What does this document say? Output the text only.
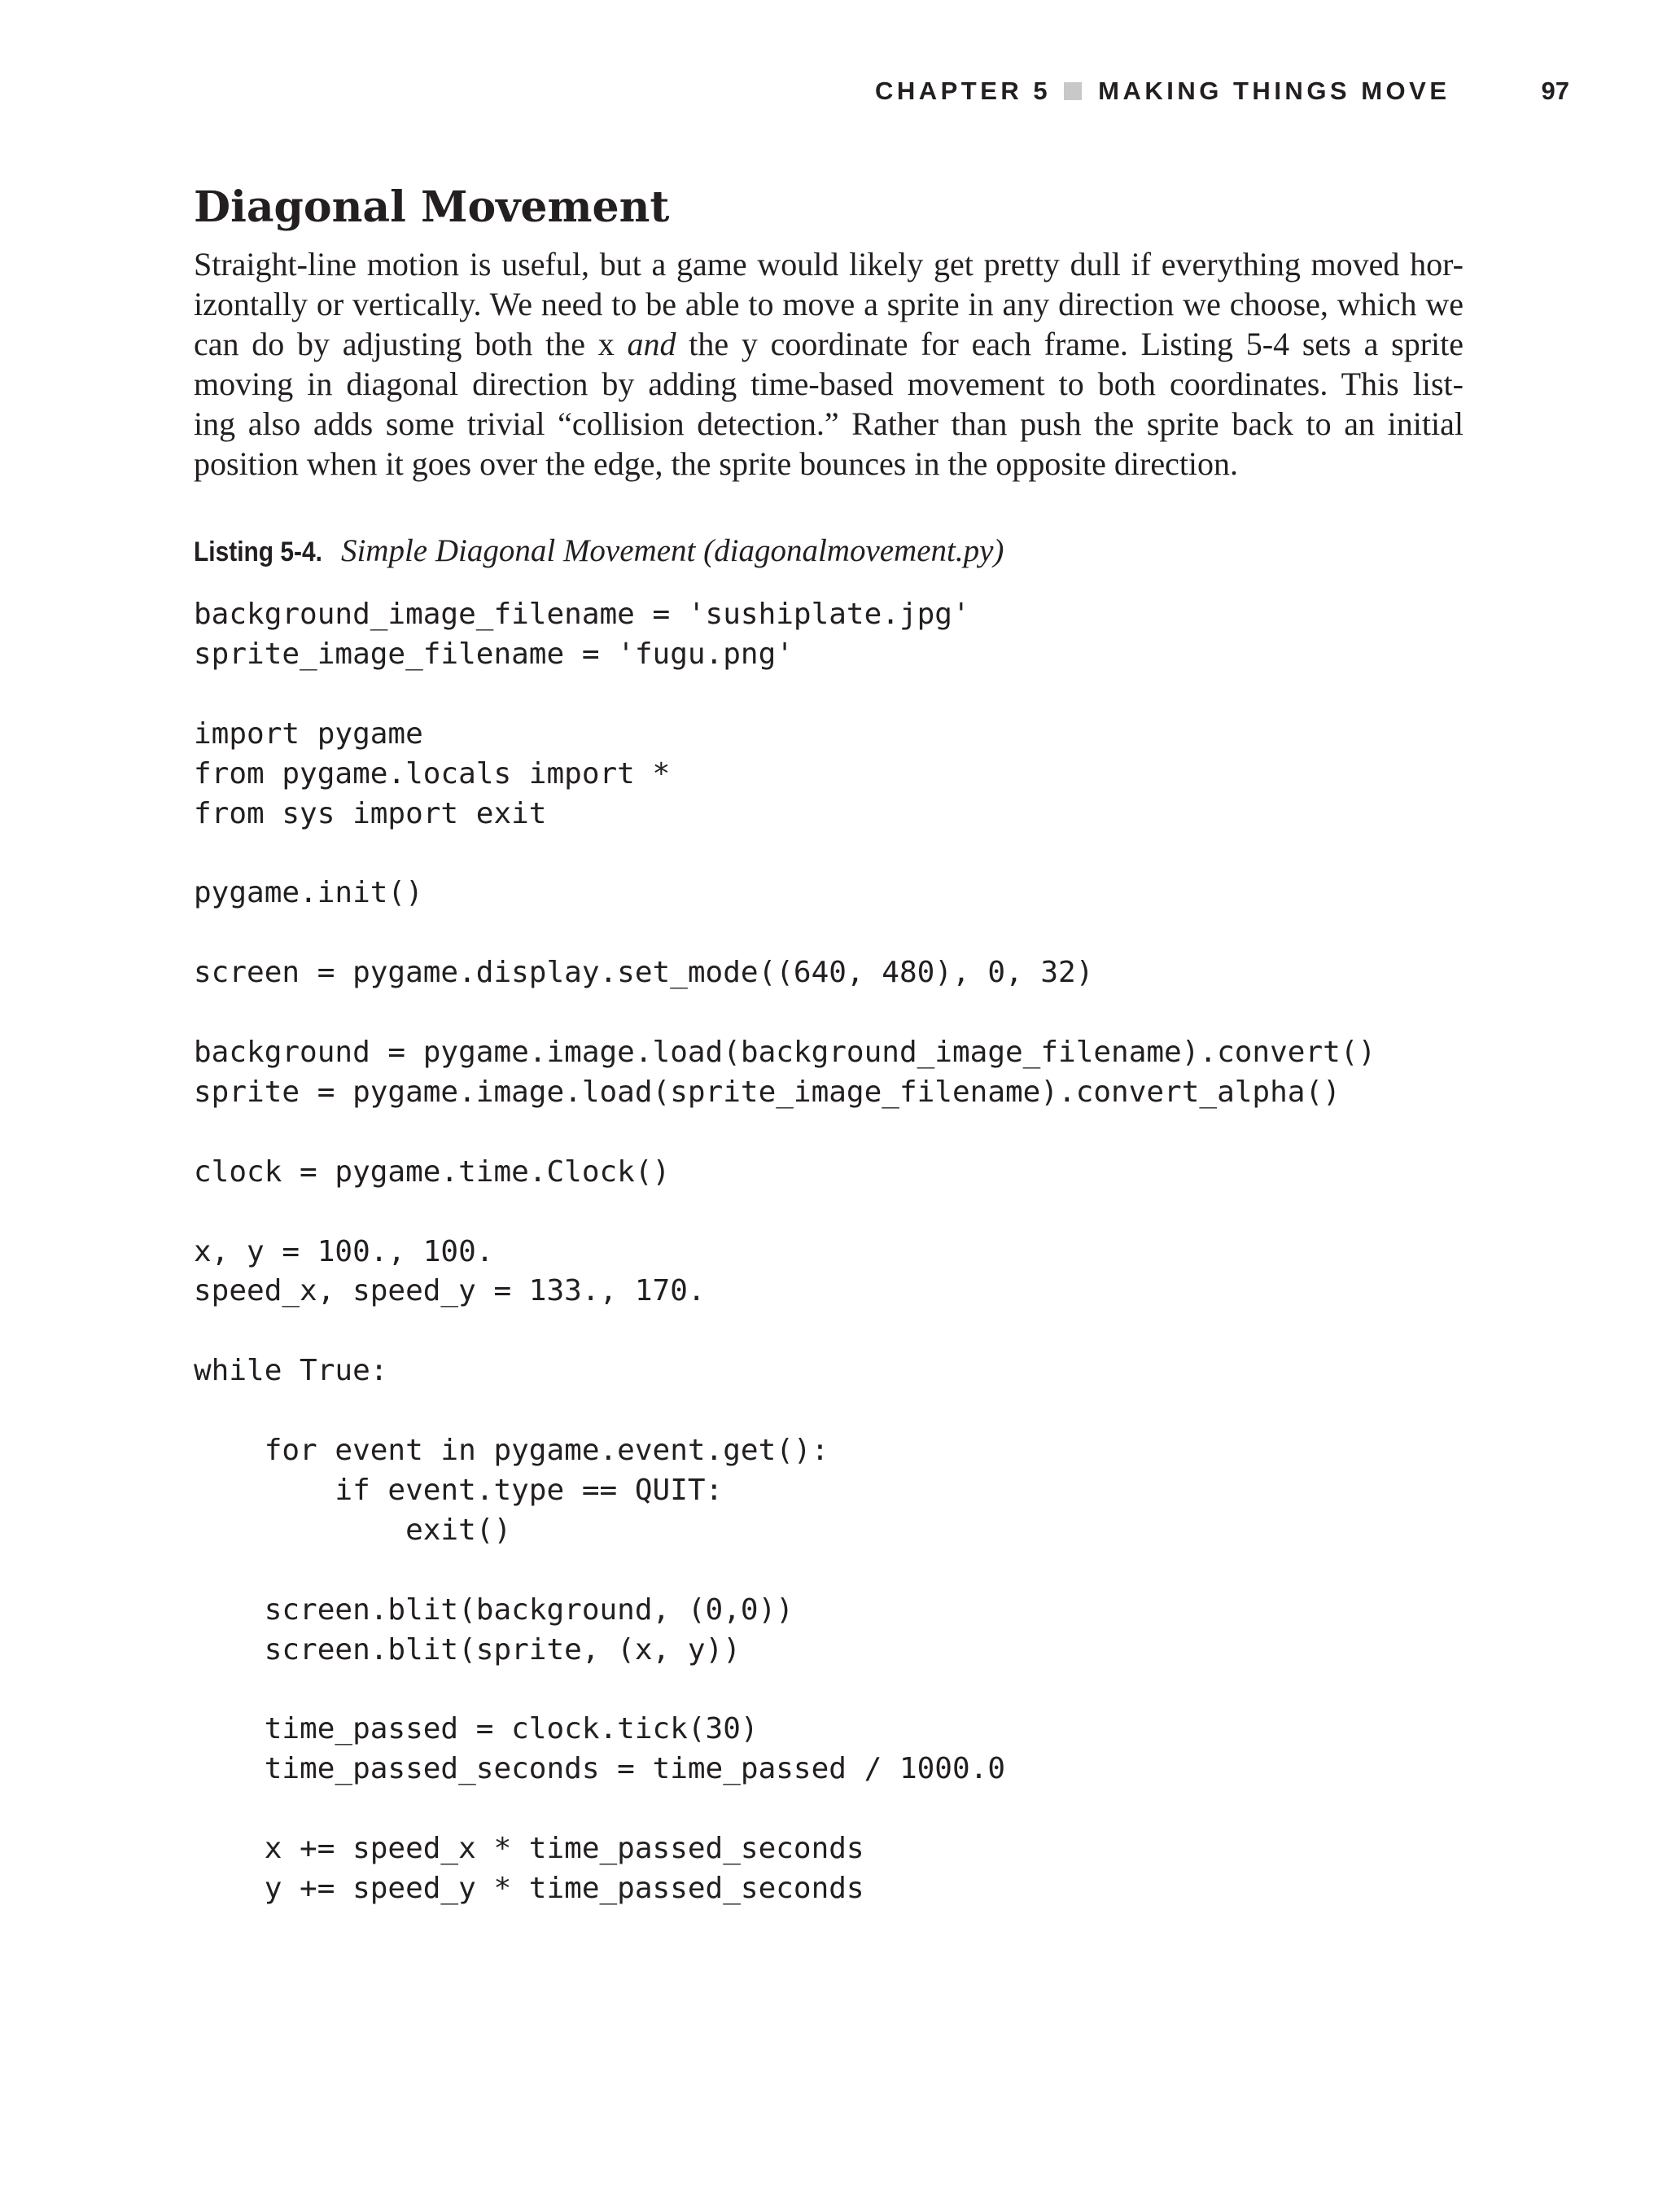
CHAPTER 5 MAKING THINGS MOVE	97
Diagonal Movement
Straight-line motion is useful, but a game would likely get pretty dull if everything moved hor-
izontally or vertically. We need to be able to move a sprite in any direction we choose, which we
can do by adjusting both the x and the y coordinate for each frame. Listing 5-4 sets a sprite
moving in diagonal direction by adding time-based movement to both coordinates. This list-
ing also adds some trivial “collision detection.” Rather than push the sprite back to an initial
position when it goes over the edge, the sprite bounces in the opposite direction.
Listing 5-4. Simple Diagonal Movement (diagonalmovement.py)
background_image_filename = 'sushiplate.jpg'
sprite_image_filename = 'fugu.png'

import pygame
from pygame.locals import *
from sys import exit

pygame.init()

screen = pygame.display.set_mode((640, 480), 0, 32)

background = pygame.image.load(background_image_filename).convert()
sprite = pygame.image.load(sprite_image_filename).convert_alpha()

clock = pygame.time.Clock()

x, y = 100., 100.
speed_x, speed_y = 133., 170.

while True:

for event in pygame.event.get():
if event.type == QUIT:
exit()

screen.blit(background, (0,0))
screen.blit(sprite, (x, y))

time_passed = clock.tick(30)
time_passed_seconds = time_passed / 1000.0

x += speed_x * time_passed_seconds
y += speed_y * time_passed_seconds
